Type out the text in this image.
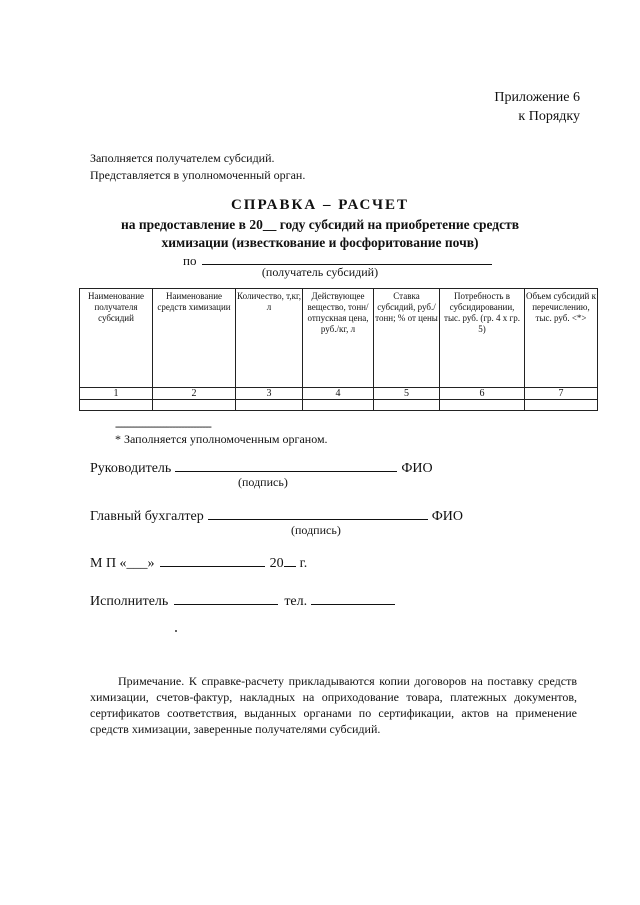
Приложение 6
к Порядку
Заполняется получателем субсидий.
Представляется в уполномоченный орган.
СПРАВКА – РАСЧЕТ
на предоставление в 20__ году субсидий на приобретение средств
химизации (известкование и фосфоритование почв)
по
(получатель субсидий)
Наименование получателя субсидий	Наименование средств химизации	Количество, т,кг, л	Действующее вещество, тонн/ отпускная цена, руб./кг, л	Ставка субсидий, руб./тонн; % от цены	Потребность в субсидировании, тыс. руб. (гр. 4 х гр. 5)	Объем субсидий к перечислению, тыс. руб. <*>
1	2	3	4	5	6	7

--------------------------------
* Заполняется уполномоченным органом.
Руководитель	ФИО
(подпись)
Главный бухгалтер	ФИО
(подпись)
М П «___»	20 г.
Исполнитель	тел.
Примечание. К справке-расчету прикладываются копии договоров на поставку средств химизации, счетов-фактур, накладных на оприходование товара, платежных документов, сертификатов соответствия, выданных органами по сертификации, актов на применение средств химизации, заверенные получателями субсидий.
